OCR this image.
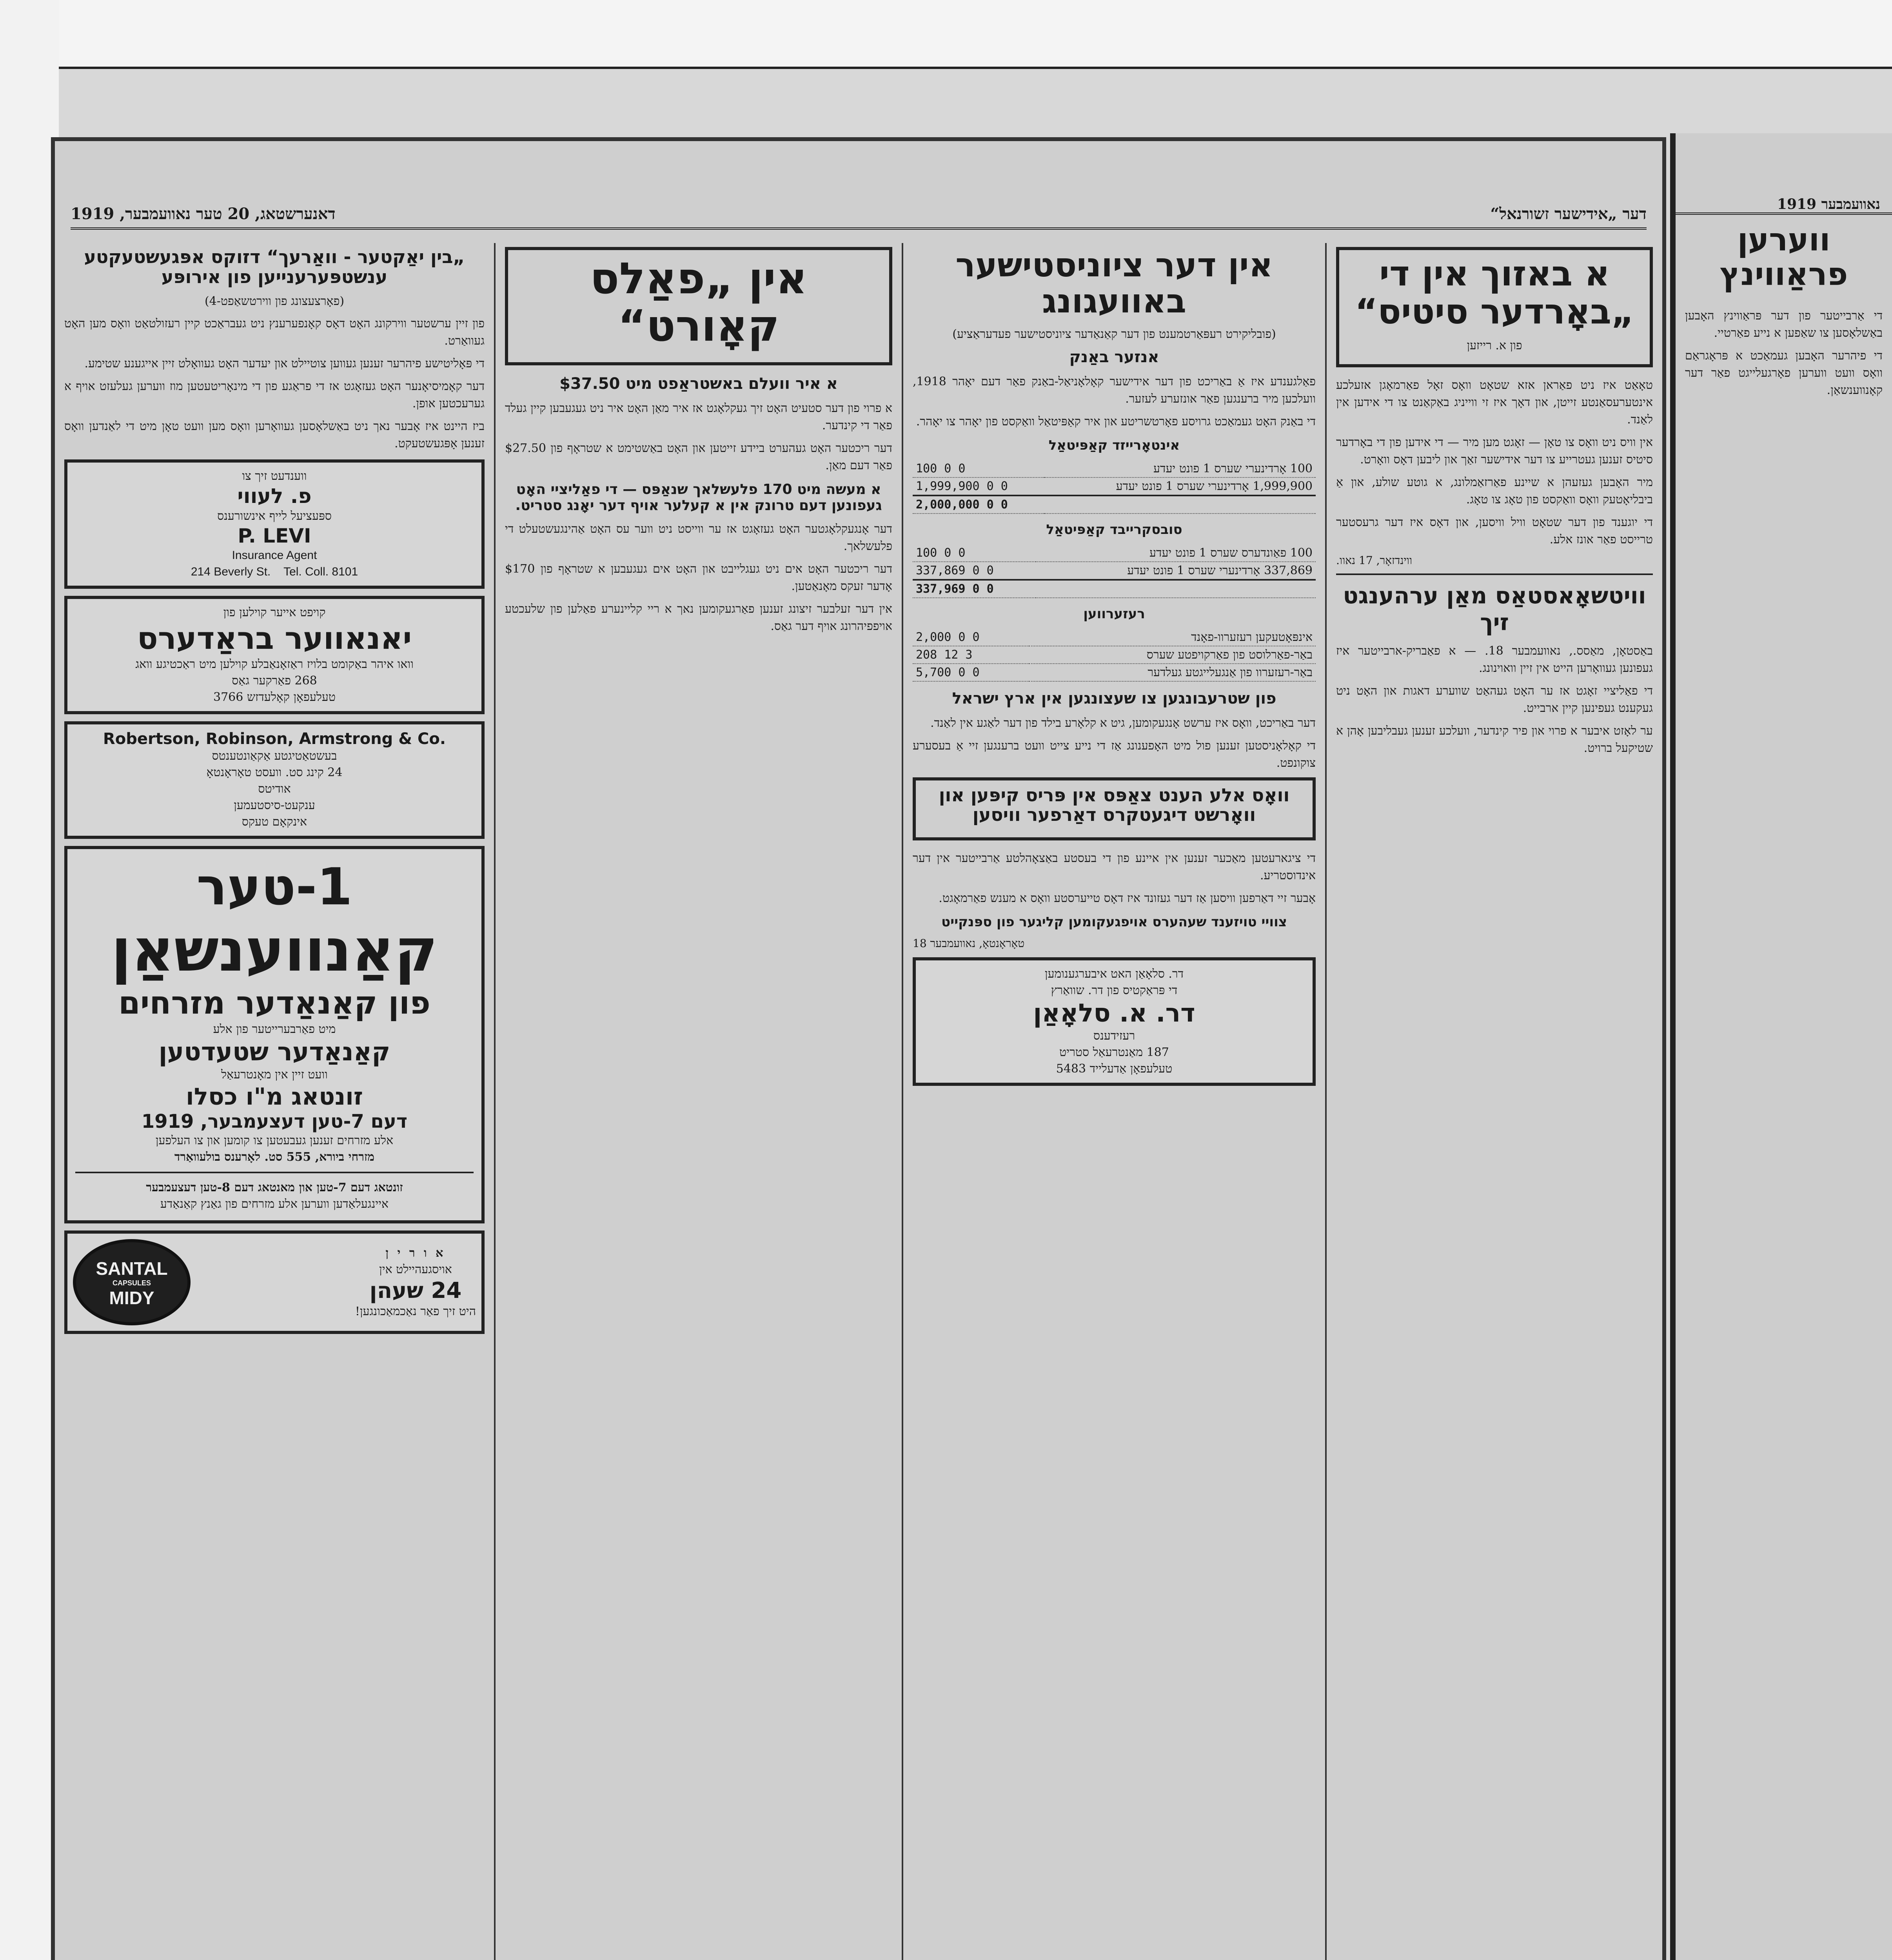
דער „אידישער זשורנאל“
דאנערשטאג, 20 טער נאוועמבער, 1919
א באזוך אין די „באָרדער סיטיס“
פון א. רייזען

טאָאַט איז ניט פאַראן אזא שטאָט וואָס זאָל פאַרמאָגן אזעלכע אינטערעסאַנטע זייטן, און דאָך איז זי ווייניג באַקאַנט צו די אידען אין לאַנד.

אין וויס ניט וואָס צו טאָן — זאָגט מען מיר — די אידען פון די באָרדער סיטיס זענען געטרייע צו דער אידישער זאַך און ליבען דאָס וואָרט.

מיר האָבען געזעהן א שיינע פאַרזאַמלונג, א גוטע שולע, און אַ ביבליאָטעק וואָס וואַקסט פון טאָג צו טאָג.

די יוגענד פון דער שטאָט וויל וויסען, און דאָס איז דער גרעסטער טרייסט פאַר אונז אלע.

ווינדזאָר, 17 נאוו.
וויטשאָאסטאַס מאַן ערהענגט זיך

באַסטאָן, מאַסס., נאוועמבער 18. — א פאַבריק-ארבייטער איז געפונען געוואָרען הייט אין זיין וואוינונג.

די פאַליציי זאָגט אז ער האָט געהאַט שווערע דאגות און האָט ניט געקענט געפינען קיין ארבייט.

ער לאָזט איבער א פרוי און פיר קינדער, וועלכע זענען געבליבען אָהן א שטיקעל ברויט.

אין דער ציוניסטישער באוועגונג
(פובליקירט רעפּאַרטמענט פון דער קאַנאַדער ציוניסטישער פעדעראַציע)
אנזער באַנק

פאַלגענדע איז אַ באַריכט פון דער אידישער קאָלאָניאַל-באַנק פאַר דעם יאָהר 1918, וועלכען מיר ברענגען פאַר אונזערע לעזער.

די באַנק האָט געמאַכט גרויסע פאָרטשריטע און איר קאַפּיטאַל וואַקסט פון יאָהר צו יאָהר.

אינטאָרייזד קאַפּיטאַל
100 אָרדינערי שערס 1 פונט יעדע	100 0 0
1,999,900 אָרדינערי שערס 1 פונט יעדע	1,999,900 0 0
	2,000,000 0 0
סובסקרייבד קאַפּיטאַל
100 פאַונדערס שערס 1 פונט יעדע	100 0 0
337,869 אָרדינערי שערס 1 פונט יעדע	337,869 0 0
	337,969 0 0
רעזערווען
אינפּאָטעקען רעזערוו-פאָנד	2,000 0 0
באַר-פאַרלוסט פון פאַרקויפטע שערס	208 12 3
באַר-רעזערוו פון אַנגעלייגטע געלדער	5,700 0 0
פון שטרעבונגען צו שעצונגען אין ארץ ישראל

דער באַריכט, וואָס איז ערשט אָנגעקומען, גיט א קלאָרע בילד פון דער לאַגע אין לאַנד.

די קאָלאָניסטען זענען פול מיט האָפענונג אַז די נייע צייט וועט ברענגען זיי אַ בעסערע צוקונפט.

וואָס אלע הענט צאַפּס אין פּריס קיפּען און וואָרשט דיגעטקרס דאַרפער וויסען

די ציגארעטען מאַכער זענען אין איינע פון די בעסטע באַצאָהלטע אַרבייטער אין דער אינדוסטריע.

אָבער זיי דאַרפען וויסען אַז דער געזונד איז דאָס טייערסטע וואָס א מענש פאַרמאָגט.

צוויי טויזענד שעהערס אויפגעקומען קליגער פון ספּנקייט
טאָראָנטאָ, נאוועמבער 18
דר. סלאָאַן האט איבערגענומען
די פּראַקטיס פון דר. שוואַרץ
דר. א. סלאָאַן
רעזידענס
187 מאַנטרעאַל סטריט
טעלעפאָן אַדעלייד 5483
אין „פאַלס קאָורט“
א איר וועלם באשטראַפט מיט $37.50

א פרוי פון דער סטעיט האָט זיך געקלאָגט אז איר מאַן האָט איר ניט געגעבען קיין געלד פאַר די קינדער.

דער ריכטער האָט געהערט ביידע זייטען און האָט באַשטימט א שטראָף פון $27.50 פאַר דעם מאַן.

א מעשה מיט 170 פלעשלאך שנאַפּס — די פאַליציי האָט געפונען דעם טרונק אין א קעלער אויף דער יאָנג סטריט.

דער אָנגעקלאָגטער האָט געזאָגט אז ער ווייסט ניט ווער עס האָט אַהינגעשטעלט די פלעשלאך.

דער ריכטער האָט אים ניט געגלייבט און האָט אים געגעבען א שטראָף פון $170 אָדער זעקס מאָנאַטען.

אין דער זעלבער זיצונג זענען פאַרגעקומען נאך א ריי קליינערע פאַלען פון שלעכטע אויפפיהרונג אויף דער גאַס.

„בין יאַקטער - וואַרעך“ דזוקס אפּגעשטעקטע ענשטפּערענייען פון אירופּע
(פאָרצעצונג פון ווירטשאַפט-4)

פון זיין ערשטער ווירקונג האָט דאָס קאָנפערענץ ניט געבראַכט קיין רעזולטאַט וואָס מען האָט געוואַרט.

די פּאָליטישע פיהרער זענען געווען צוטיילט און יעדער האָט געוואָלט זיין אייגענע שטימע.

דער קאָמיסיאָנער האָט געזאָגט אז די פראַגע פון די מינאָריטעטען מוז ווערען געלעזט אויף א גערעכטען אופן.

ביז היינט איז אָבער נאך ניט באַשלאָסען געוואָרען וואָס מען וועט טאָן מיט די לאַנדען וואָס זענען אָפּגעשטעקט.

ווענדעט זיך צו
פ. לעווי
ספּעציעל לייף אינשורענס
P. LEVI
Insurance Agent
214 Beverly St. Tel. Coll. 8101
קויפט אייער קוילען פון
יאנאווער בראַדערס
וואו איהר באַקומט בלויז ראַזאָנאַבלע קוילען מיט ראַכטיגע וואג
268 פאַרקער גאַס
טעלעפאָן קאָלעדזש 3766
Robertson, Robinson, Armstrong & Co.
בעשטאַטיגטע אַקאַונטענטס
24 קינג סט. וועסט טאָראָנטאָ
אודיטס
ענקעט-סיסטעמען
אינקאָם טעקס
1-טער
קאַנווענשאַן
פון קאַנאַדער מזרחים
מיט פאַרבערייטער פון אלע
קאַנאַדער שטעדטען
וועט זיין אין מאָנטרעאַל
זונטאג מ"ו כסלו
דעם 7-טען דעצעמבער, 1919
אלע מזרחים זענען געבעטען צו קומען און צו העלפען
מזרחי ביורא, 555 סט. לאָרענס בולעוואַרד
זונטאג דעם 7-טען און מאנטאג דעם 8-טען דעצעמבער
איינגעלאַדען ווערען אלע מזרחים פון גאַנץ קאַנאַדע
א ו ר י ן
אויסגעהיילט אין
24 שעהן
היט זיך פאַר נאַכמאַכונגען!
SANTAL
CAPSULES
MIDY
נאוועמבער 1919
ווערען פראַווינץ

די אַרבייטער פון דער פּראַווינץ האָבען באַשלאָסען צו שאַפען א נייע פאַרטיי.

די פיהרער האָבען געמאַכט א פּראָגראַם וואָס וועט ווערען פאָרגעלייגט פאַר דער קאָנווענשאַן.
